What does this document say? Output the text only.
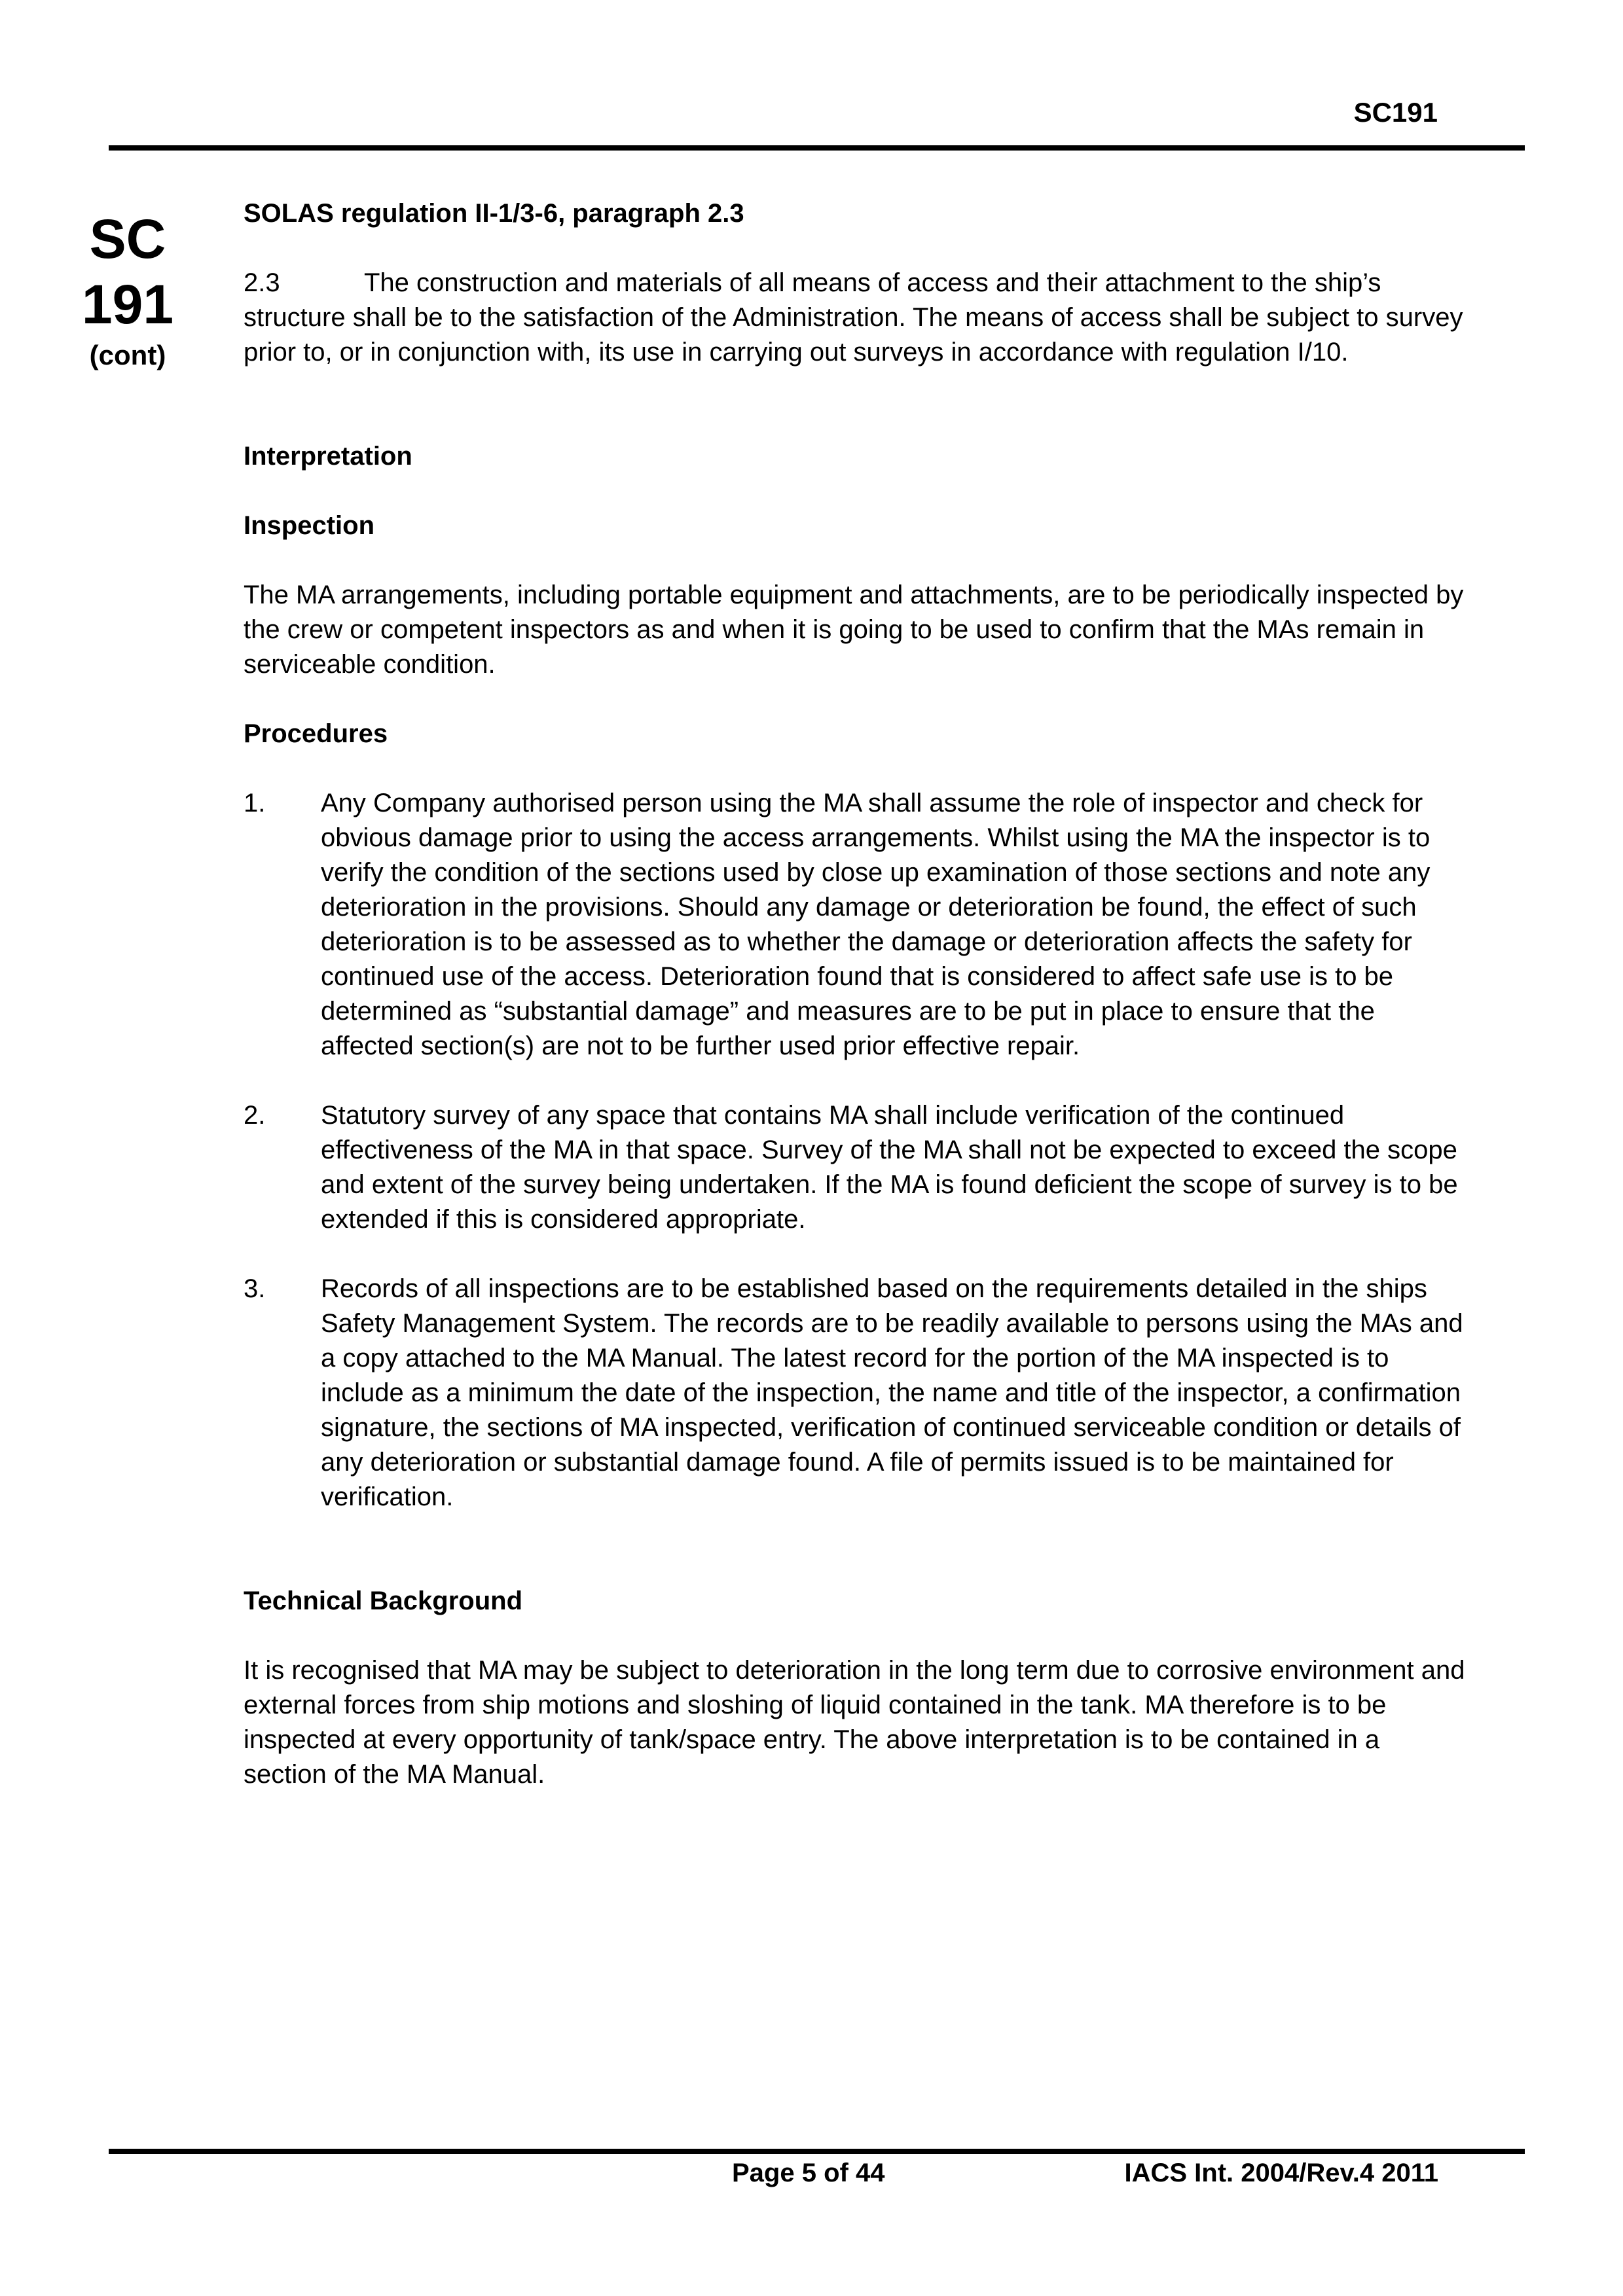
SC191
SC
191
(cont)

SOLAS regulation II-1/3-6, paragraph 2.3

2.3	The construction and materials of all means of access and their attachment to the ship’s structure shall be to the satisfaction of the Administration. The means of access shall be subject to survey prior to, or in conjunction with, its use in carrying out surveys in accordance with regulation I/10.

Interpretation

Inspection

The MA arrangements, including portable equipment and attachments, are to be periodically inspected by the crew or competent inspectors as and when it is going to be used to confirm that the MAs remain in serviceable condition.

Procedures

1.	Any Company authorised person using the MA shall assume the role of inspector and check for obvious damage prior to using the access arrangements. Whilst using the MA the inspector is to verify the condition of the sections used by close up examination of those sections and note any deterioration in the provisions. Should any damage or deterioration be found, the effect of such deterioration is to be assessed as to whether the damage or deterioration affects the safety for continued use of the access. Deterioration found that is considered to affect safe use is to be determined as “substantial damage” and measures are to be put in place to ensure that the affected section(s) are not to be further used prior effective repair.
2.	Statutory survey of any space that contains MA shall include verification of the continued effectiveness of the MA in that space. Survey of the MA shall not be expected to exceed the scope and extent of the survey being undertaken. If the MA is found deficient the scope of survey is to be extended if this is considered appropriate.
3.	Records of all inspections are to be established based on the requirements detailed in the ships Safety Management System. The records are to be readily available to persons using the MAs and a copy attached to the MA Manual. The latest record for the portion of the MA inspected is to include as a minimum the date of the inspection, the name and title of the inspector, a confirmation signature, the sections of MA inspected, verification of continued serviceable condition or details of any deterioration or substantial damage found. A file of permits issued is to be maintained for verification.

Technical Background

It is recognised that MA may be subject to deterioration in the long term due to corrosive environment and external forces from ship motions and sloshing of liquid contained in the tank. MA therefore is to be inspected at every opportunity of tank/space entry. The above interpretation is to be contained in a section of the MA Manual.

Page 5 of 44	IACS Int. 2004/Rev.4 2011
